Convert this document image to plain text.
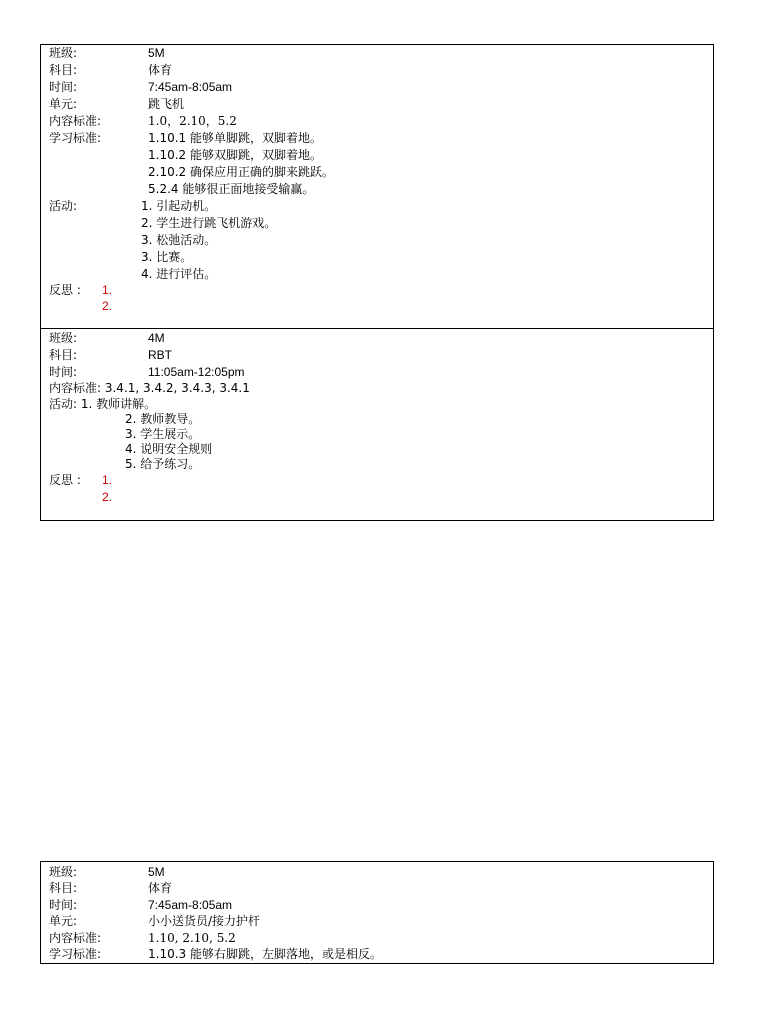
班级:	5M
科目:	体育
时间:	7:45am-8:05am
单元:	跳飞机
内容标准:	1.0，2.10，5.2
学习标准:	1.10.1 能够单脚跳，双脚着地。
1.10.2 能够双脚跳，双脚着地。
2.10.2 确保应用正确的脚来跳跃。
5.2.4 能够很正面地接受输赢。
活动:	1. 引起动机。
2. 学生进行跳飞机游戏。
3. 松弛活动。
3. 比赛。
4. 进行评估。
反思 : 1.
2.
班级:	4M
科目:	RBT
时间:	11:05am-12:05pm
内容标准: 3.4.1, 3.4.2, 3.4.3, 3.4.1
活动: 1. 教师讲解。
2. 教师教导。
3. 学生展示。
4. 说明安全规则
5. 给予练习。
反思 : 1.
2.
班级:	5M
科目:	体育
时间:	7:45am-8:05am
单元:	小小送货员/接力护杆
内容标准:	1.10, 2.10, 5.2
学习标准:	1.10.3 能够右脚跳，左脚落地，或是相反。
